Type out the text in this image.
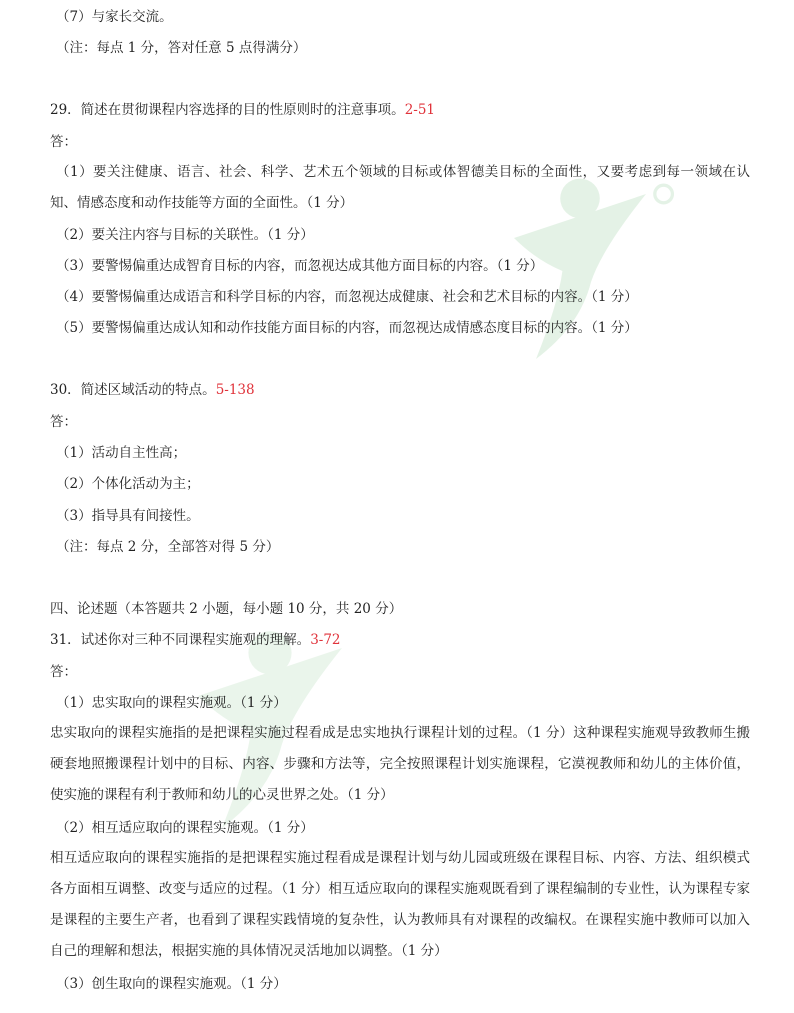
（7）与家长交流。
（注：每点 1 分，答对任意 5 点得满分）
29．简述在贯彻课程内容选择的目的性原则时的注意事项。2-51
答：
（1）要关注健康、语言、社会、科学、艺术五个领域的目标或体智德美目标的全面性，又要考虑到每一领域在认知、情感态度和动作技能等方面的全面性。（1 分）
（2）要关注内容与目标的关联性。（1 分）
（3）要警惕偏重达成智育目标的内容，而忽视达成其他方面目标的内容。（1 分）
（4）要警惕偏重达成语言和科学目标的内容，而忽视达成健康、社会和艺术目标的内容。（1 分）
（5）要警惕偏重达成认知和动作技能方面目标的内容，而忽视达成情感态度目标的内容。（1 分）
30．简述区域活动的特点。5-138
答：
（1）活动自主性高；
（2）个体化活动为主；
（3）指导具有间接性。
（注：每点 2 分，全部答对得 5 分）
四、论述题（本答题共 2 小题，每小题 10 分，共 20 分）
31．试述你对三种不同课程实施观的理解。3-72
答：
（1）忠实取向的课程实施观。（1 分）
忠实取向的课程实施指的是把课程实施过程看成是忠实地执行课程计划的过程。（1 分）这种课程实施观导致教师生搬硬套地照搬课程计划中的目标、内容、步骤和方法等，完全按照课程计划实施课程，它漠视教师和幼儿的主体价值，使实施的课程有利于教师和幼儿的心灵世界之处。（1 分）
（2）相互适应取向的课程实施观。（1 分）
相互适应取向的课程实施指的是把课程实施过程看成是课程计划与幼儿园或班级在课程目标、内容、方法、组织模式各方面相互调整、改变与适应的过程。（1 分）相互适应取向的课程实施观既看到了课程编制的专业性，认为课程专家是课程的主要生产者，也看到了课程实践情境的复杂性，认为教师具有对课程的改编权。在课程实施中教师可以加入自己的理解和想法，根据实施的具体情况灵活地加以调整。（1 分）
（3）创生取向的课程实施观。（1 分）
